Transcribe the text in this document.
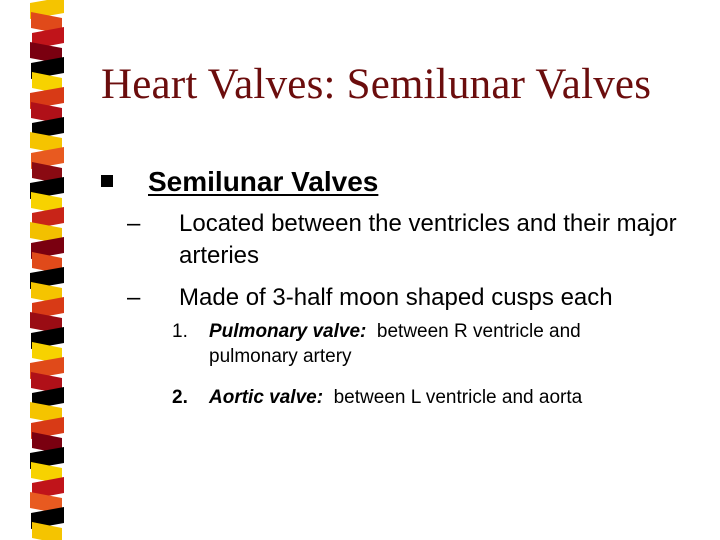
Heart Valves: Semilunar Valves
Semilunar Valves
– Located between the ventricles and their major arteries
– Made of 3-half moon shaped cusps each
1. Pulmonary valve: between R ventricle and
pulmonary artery
2. Aortic valve: between L ventricle and aorta
